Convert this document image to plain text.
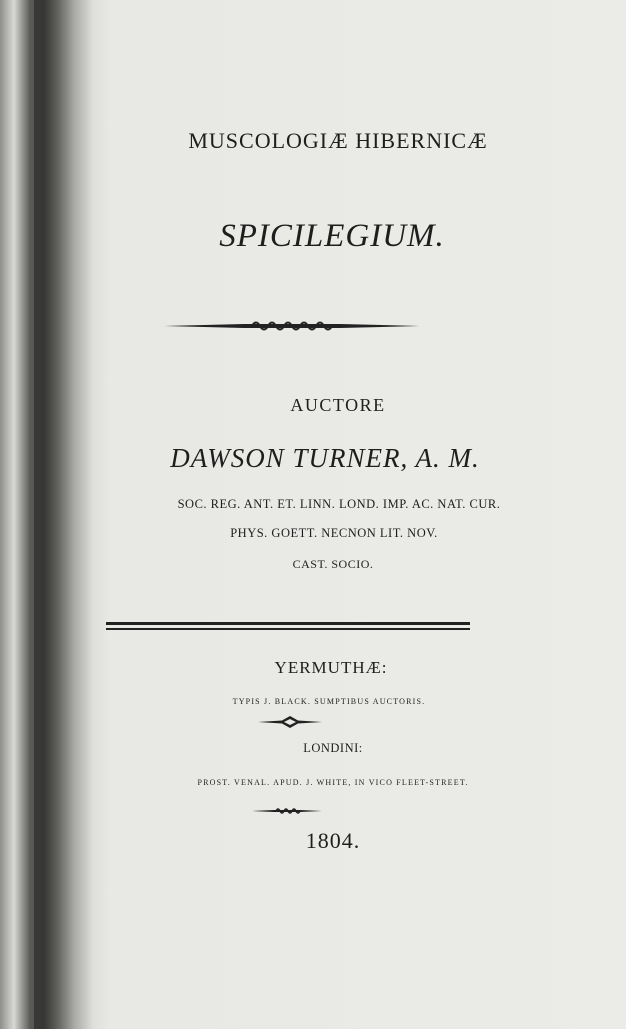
MUSCOLOGIÆ HIBERNICÆ
SPICILEGIUM.
AUCTORE
DAWSON TURNER, A. M.
SOC. REG. ANT. ET. LINN. LOND. IMP. AC. NAT. CUR.
PHYS. GOETT. NECNON LIT. NOV.
CAST. SOCIO.
YERMUTHÆ:
TYPIS J. BLACK. SUMPTIBUS AUCTORIS.
LONDINI:
PROST. VENAL. APUD. J. WHITE, IN VICO FLEET-STREET.
1804.
